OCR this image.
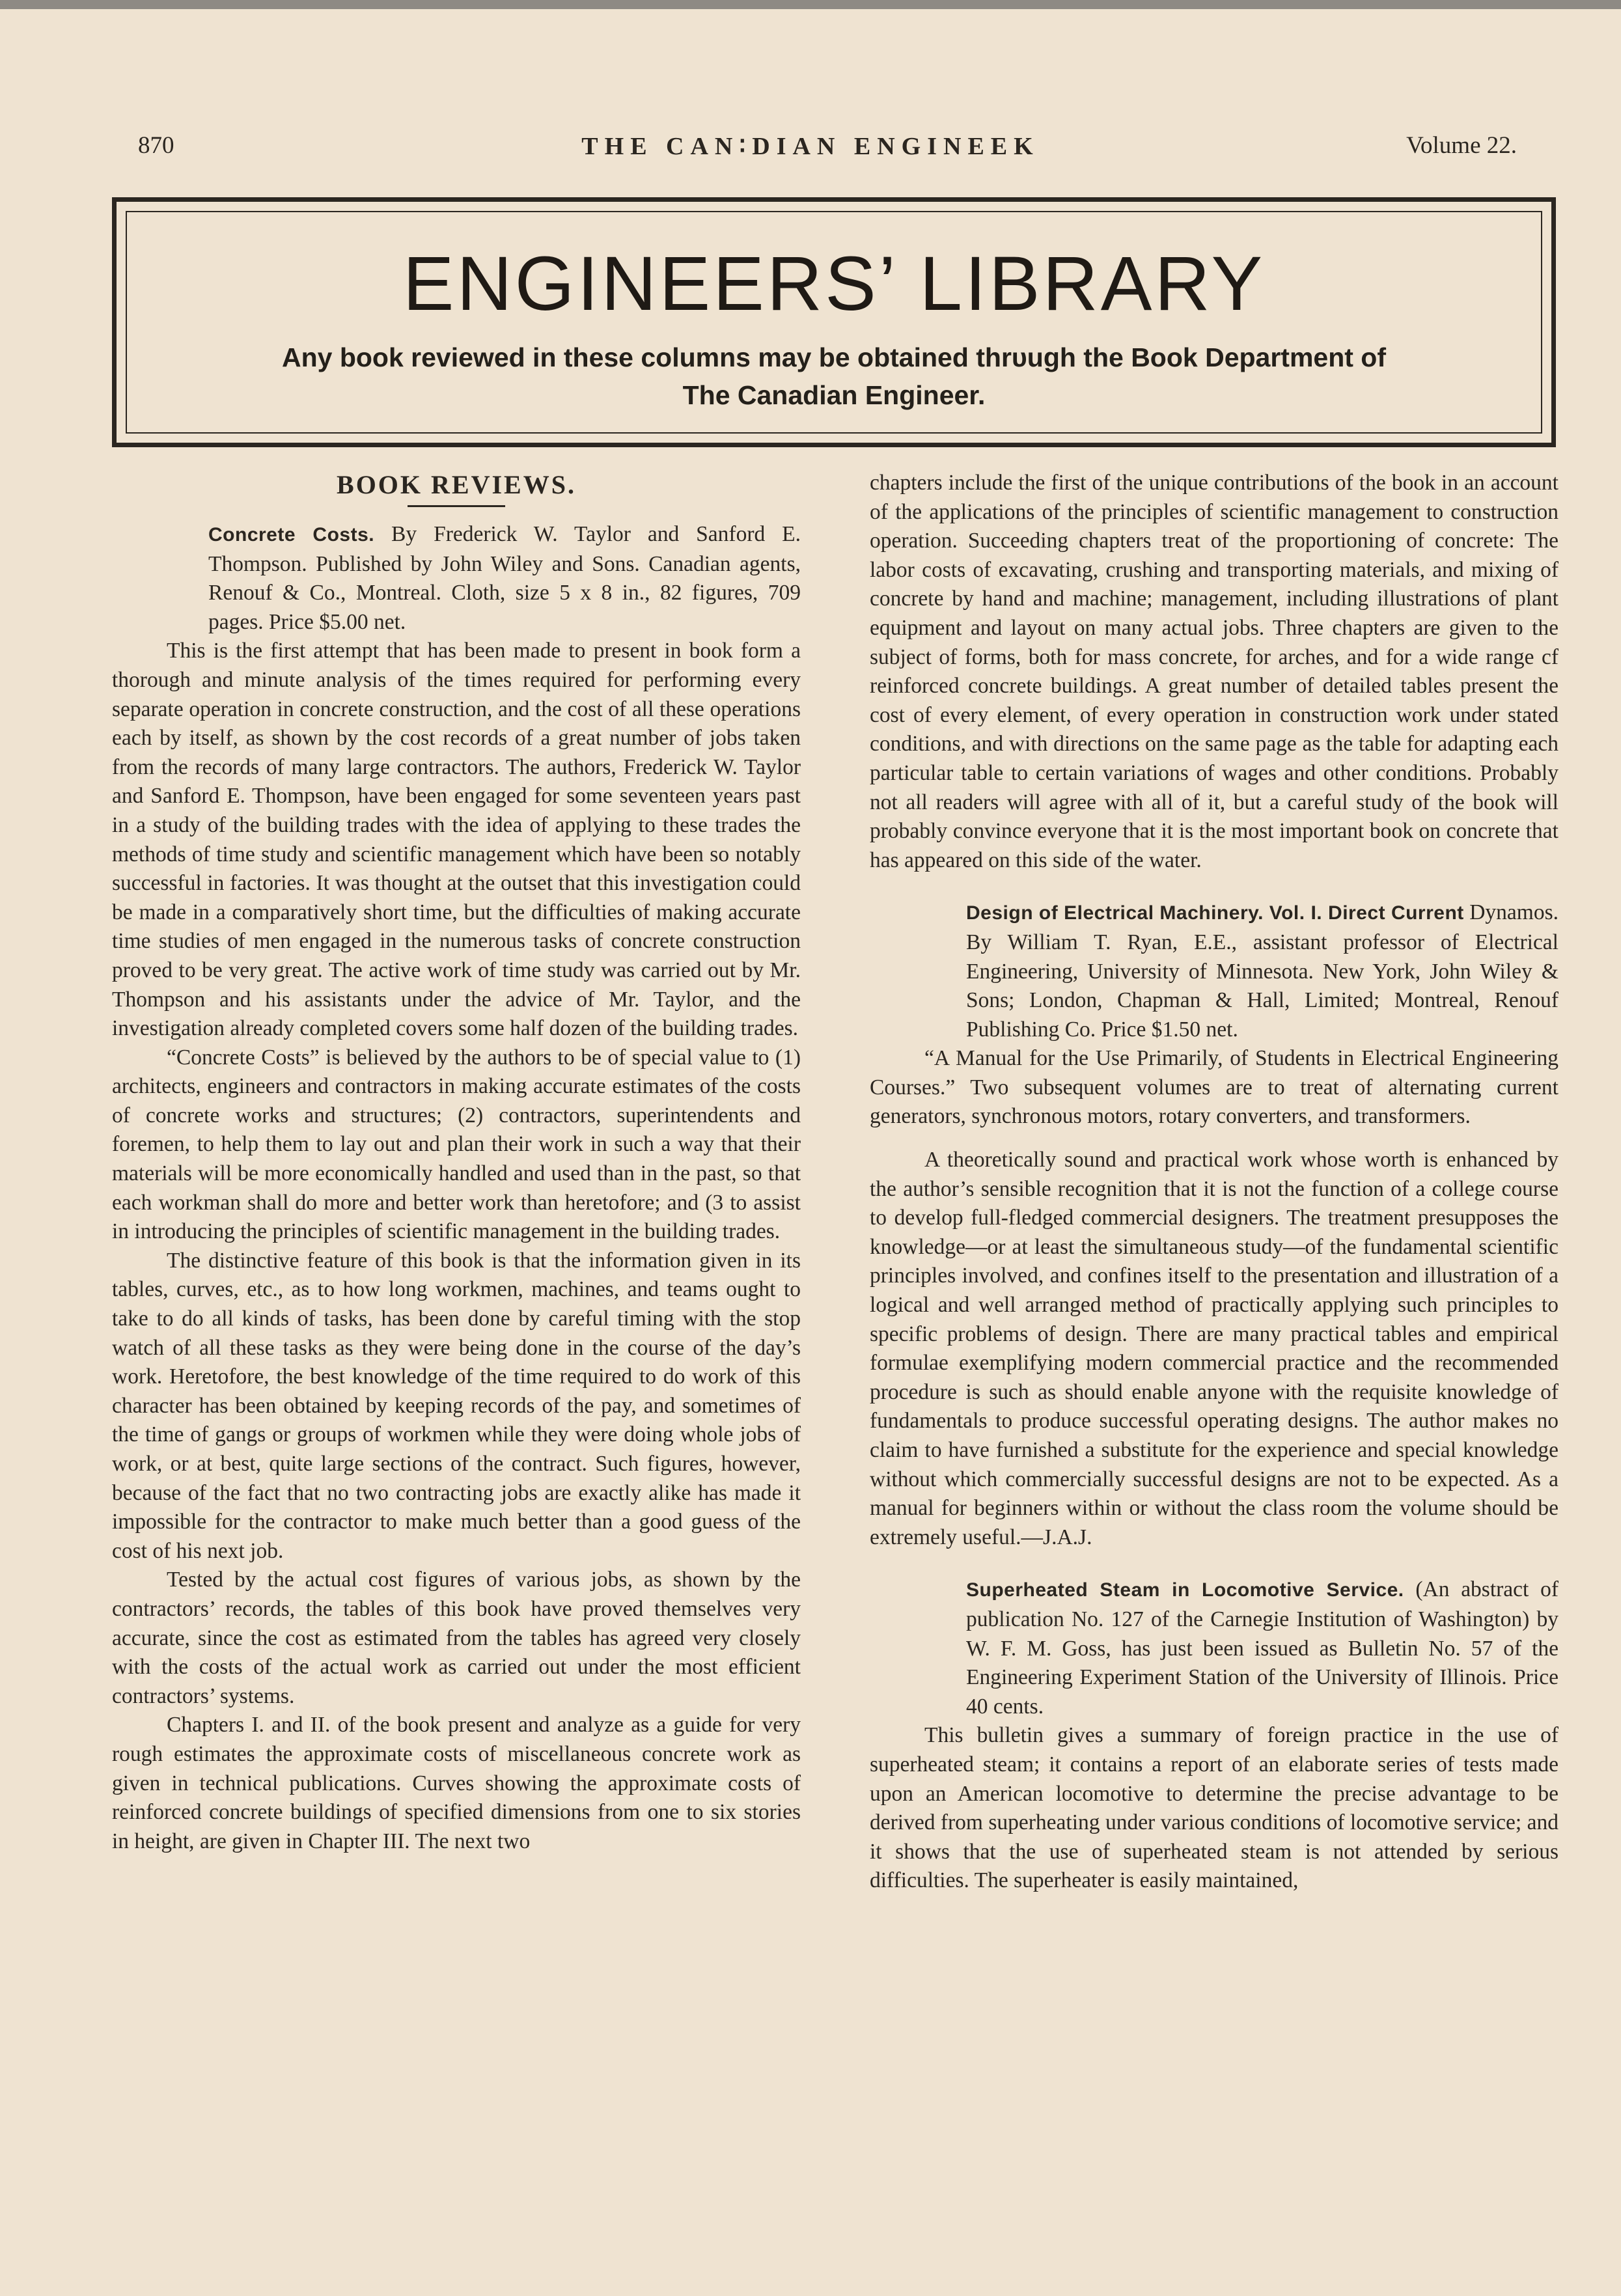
870	THE CAN∶DIAN ENGINEEK	Volume 22.
ENGINEERS’ LIBRARY
Any book reviewed in these columns may be obtained thrυugh the Book Department of
The Canadian Engineer.
BOOK REVIEWS.

Concrete Costs. By Frederick W. Taylor and Sanford E. Thompson. Published by John Wiley and Sons. Canadian agents, Renouf & Co., Montreal. Cloth, size 5 x 8 in., 82 figures, 709 pages. Price $5.00 net.

This is the first attempt that has been made to present in book form a thorough and minute analysis of the times required for performing every separate operation in concrete construction, and the cost of all these operations each by itself, as shown by the cost records of a great number of jobs taken from the records of many large contractors. The authors, Frederick W. Taylor and Sanford E. Thompson, have been engaged for some seventeen years past in a study of the building trades with the idea of applying to these trades the methods of time study and scientific management which have been so notably successful in factories. It was thought at the outset that this investigation could be made in a comparatively short time, but the difficulties of making accurate time studies of men engaged in the numerous tasks of concrete construction proved to be very great. The active work of time study was carried out by Mr. Thompson and his assistants under the advice of Mr. Taylor, and the investigation already completed covers some half dozen of the building trades.

“Concrete Costs” is believed by the authors to be of special value to (1) architects, engineers and contractors in making accurate estimates of the costs of concrete works and structures; (2) contractors, superintendents and foremen, to help them to lay out and plan their work in such a way that their materials will be more economically handled and used than in the past, so that each workman shall do more and better work than heretofore; and (3 to assist in introducing the principles of scientific management in the building trades.

The distinctive feature of this book is that the information given in its tables, curves, etc., as to how long workmen, machines, and teams ought to take to do all kinds of tasks, has been done by careful timing with the stop watch of all these tasks as they were being done in the course of the day’s work. Heretofore, the best knowledge of the time required to do work of this character has been obtained by keeping records of the pay, and sometimes of the time of gangs or groups of workmen while they were doing whole jobs of work, or at best, quite large sections of the contract. Such figures, however, because of the fact that no two contracting jobs are exactly alike has made it impossible for the contractor to make much better than a good guess of the cost of his next job.

Tested by the actual cost figures of various jobs, as shown by the contractors’ records, the tables of this book have proved themselves very accurate, since the cost as estimated from the tables has agreed very closely with the costs of the actual work as carried out under the most efficient contractors’ systems.

Chapters I. and II. of the book present and analyze as a guide for very rough estimates the approximate costs of miscellaneous concrete work as given in technical publications. Curves showing the approximate costs of reinforced concrete buildings of specified dimensions from one to six stories in height, are given in Chapter III. The next two

chapters include the first of the unique contributions of the book in an account of the applications of the principles of scientific management to construction operation. Succeeding chapters treat of the proportioning of concrete: The labor costs of excavating, crushing and transporting materials, and mixing of concrete by hand and machine; management, including illustrations of plant equipment and layout on many actual jobs. Three chapters are given to the subject of forms, both for mass concrete, for arches, and for a wide range cf reinforced concrete buildings. A great number of detailed tables present the cost of every element, of every operation in construction work under stated conditions, and with directions on the same page as the table for adapting each particular table to certain variations of wages and other conditions. Probably not all readers will agree with all of it, but a careful study of the book will probably convince everyone that it is the most important book on concrete that has appeared on this side of the water.

Design of Electrical Machinery. Vol. I. Direct Current Dynamos. By William T. Ryan, E.E., assistant professor of Electrical Engineering, University of Minnesota. New York, John Wiley & Sons; London, Chapman & Hall, Limited; Montreal, Renouf Publishing Co. Price $1.50 net.

“A Manual for the Use Primarily, of Students in Electrical Engineering Courses.” Two subsequent volumes are to treat of alternating current generators, synchronous motors, rotary converters, and transformers.

A theoretically sound and practical work whose worth is enhanced by the author’s sensible recognition that it is not the function of a college course to develop full-fledged commercial designers. The treatment presupposes the knowledge—or at least the simultaneous study—of the fundamental scientific principles involved, and confines itself to the presentation and illustration of a logical and well arranged method of practically applying such principles to specific problems of design. There are many practical tables and empirical formulae exemplifying modern commercial practice and the recommended procedure is such as should enable anyone with the requisite knowledge of fundamentals to produce successful operating designs. The author makes no claim to have furnished a substitute for the experience and special knowledge without which commercially successful designs are not to be expected. As a manual for beginners within or without the class room the volume should be extremely useful.—J.A.J.

Superheated Steam in Locomotive Service. (An abstract of publication No. 127 of the Carnegie Institution of Washington) by W. F. M. Goss, has just been issued as Bulletin No. 57 of the Engineering Experiment Station of the University of Illinois. Price 40 cents.

This bulletin gives a summary of foreign practice in the use of superheated steam; it contains a report of an elaborate series of tests made upon an American locomotive to determine the precise advantage to be derived from superheating under various conditions of locomotive service; and it shows that the use of superheated steam is not attended by serious difficulties. The superheater is easily maintained,
